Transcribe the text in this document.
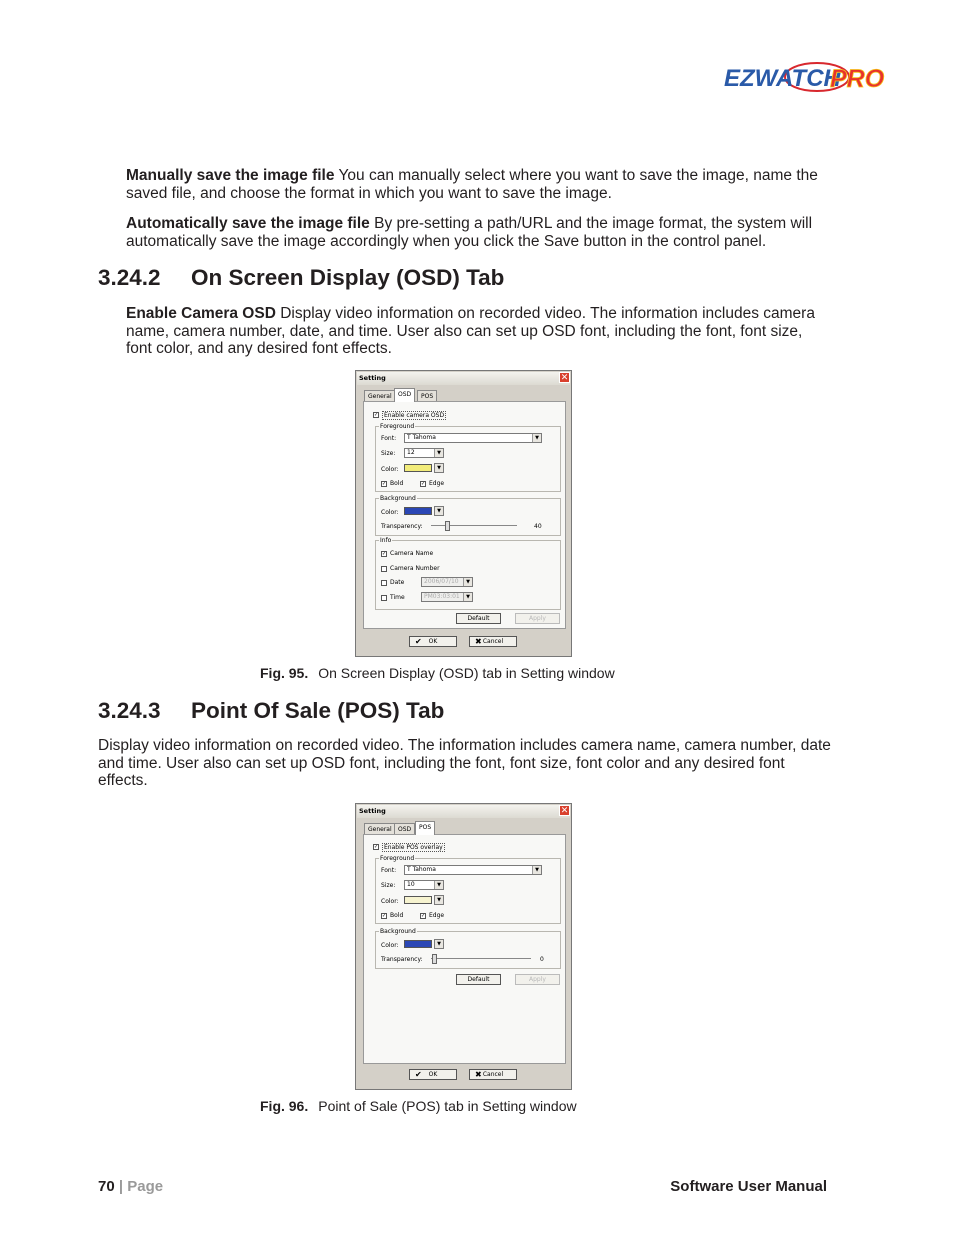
EZWATCH
PRO
Manually save the image file You can manually select where you want to save the image, name the saved file, and choose the format in which you want to save the image.
Automatically save the image file By pre-setting a path/URL and the image format, the system will automatically save the image accordingly when you click the Save button in the control panel.
3.24.2 On Screen Display (OSD) Tab
Enable Camera OSD Display video information on recorded video. The information includes camera name, camera number, date, and time. User also can set up OSD font, including the font, font size, font color, and any desired font effects.
Setting	✕
General	OSD	POS
✓ Enable camera OSD
Foreground
Font:	T Tahoma	▼
Size:	12	▼
Color:	▼
✓ Bold	✓ Edge
Background
Color:	▼
Transparency:	40
Info
✓ Camera Name
Camera Number
Date	2006/07/10	▼
Time	PM03:03:01	▼
Default	Apply
✔ OK	✖ Cancel
Fig. 95. On Screen Display (OSD) tab in Setting window
3.24.3 Point Of Sale (POS) Tab
Display video information on recorded video. The information includes camera name, camera number, date and time. User also can set up OSD font, including the font, font size, font color and any desired font effects.
Setting	✕
General	OSD	POS
✓ Enable POS overlay
Foreground
Font:	T Tahoma	▼
Size:	10	▼
Color:	▼
✓ Bold	✓ Edge
Background
Color:	▼
Transparency:	0
Default	Apply
✔ OK	✖ Cancel
Fig. 96. Point of Sale (POS) tab in Setting window
70 | Page	Software User Manual
